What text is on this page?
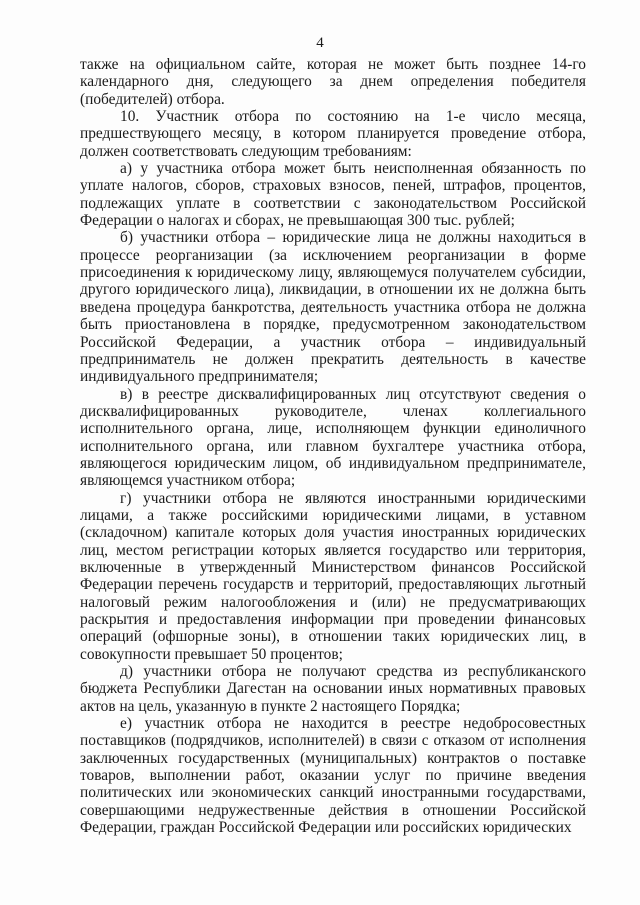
4

также на официальном сайте, которая не может быть позднее 14-го календарного дня, следующего за днем определения победителя (победителей) отбора.

10. Участник отбора по состоянию на 1-е число месяца, предшествующего месяцу, в котором планируется проведение отбора, должен соответствовать следующим требованиям:

а) у участника отбора может быть неисполненная обязанность по уплате налогов, сборов, страховых взносов, пеней, штрафов, процентов, подлежащих уплате в соответствии с законодательством Российской Федерации о налогах и сборах, не превышающая 300 тыс. рублей;

б) участники отбора – юридические лица не должны находиться в процессе реорганизации (за исключением реорганизации в форме присоединения к юридическому лицу, являющемуся получателем субсидии, другого юридического лица), ликвидации, в отношении их не должна быть введена процедура банкротства, деятельность участника отбора не должна быть приостановлена в порядке, предусмотренном законодательством Российской Федерации, а участник отбора – индивидуальный предприниматель не должен прекратить деятельность в качестве индивидуального предпринимателя;

в) в реестре дисквалифицированных лиц отсутствуют сведения о дисквалифицированных руководителе, членах коллегиального исполнительного органа, лице, исполняющем функции единоличного исполнительного органа, или главном бухгалтере участника отбора, являющегося юридическим лицом, об индивидуальном предпринимателе, являющемся участником отбора;

г) участники отбора не являются иностранными юридическими лицами, а также российскими юридическими лицами, в уставном (складочном) капитале которых доля участия иностранных юридических лиц, местом регистрации которых является государство или территория, включенные в утвержденный Министерством финансов Российской Федерации перечень государств и территорий, предоставляющих льготный налоговый режим налогообложения и (или) не предусматривающих раскрытия и предоставления информации при проведении финансовых операций (офшорные зоны), в отношении таких юридических лиц, в совокупности превышает 50 процентов;

д) участники отбора не получают средства из республиканского бюджета Республики Дагестан на основании иных нормативных правовых актов на цель, указанную в пункте 2 настоящего Порядка;

е) участник отбора не находится в реестре недобросовестных поставщиков (подрядчиков, исполнителей) в связи с отказом от исполнения заключенных государственных (муниципальных) контрактов о поставке товаров, выполнении работ, оказании услуг по причине введения политических или экономических санкций иностранными государствами, совершающими недружественные действия в отношении Российской Федерации, граждан Российской Федерации или российских юридических
